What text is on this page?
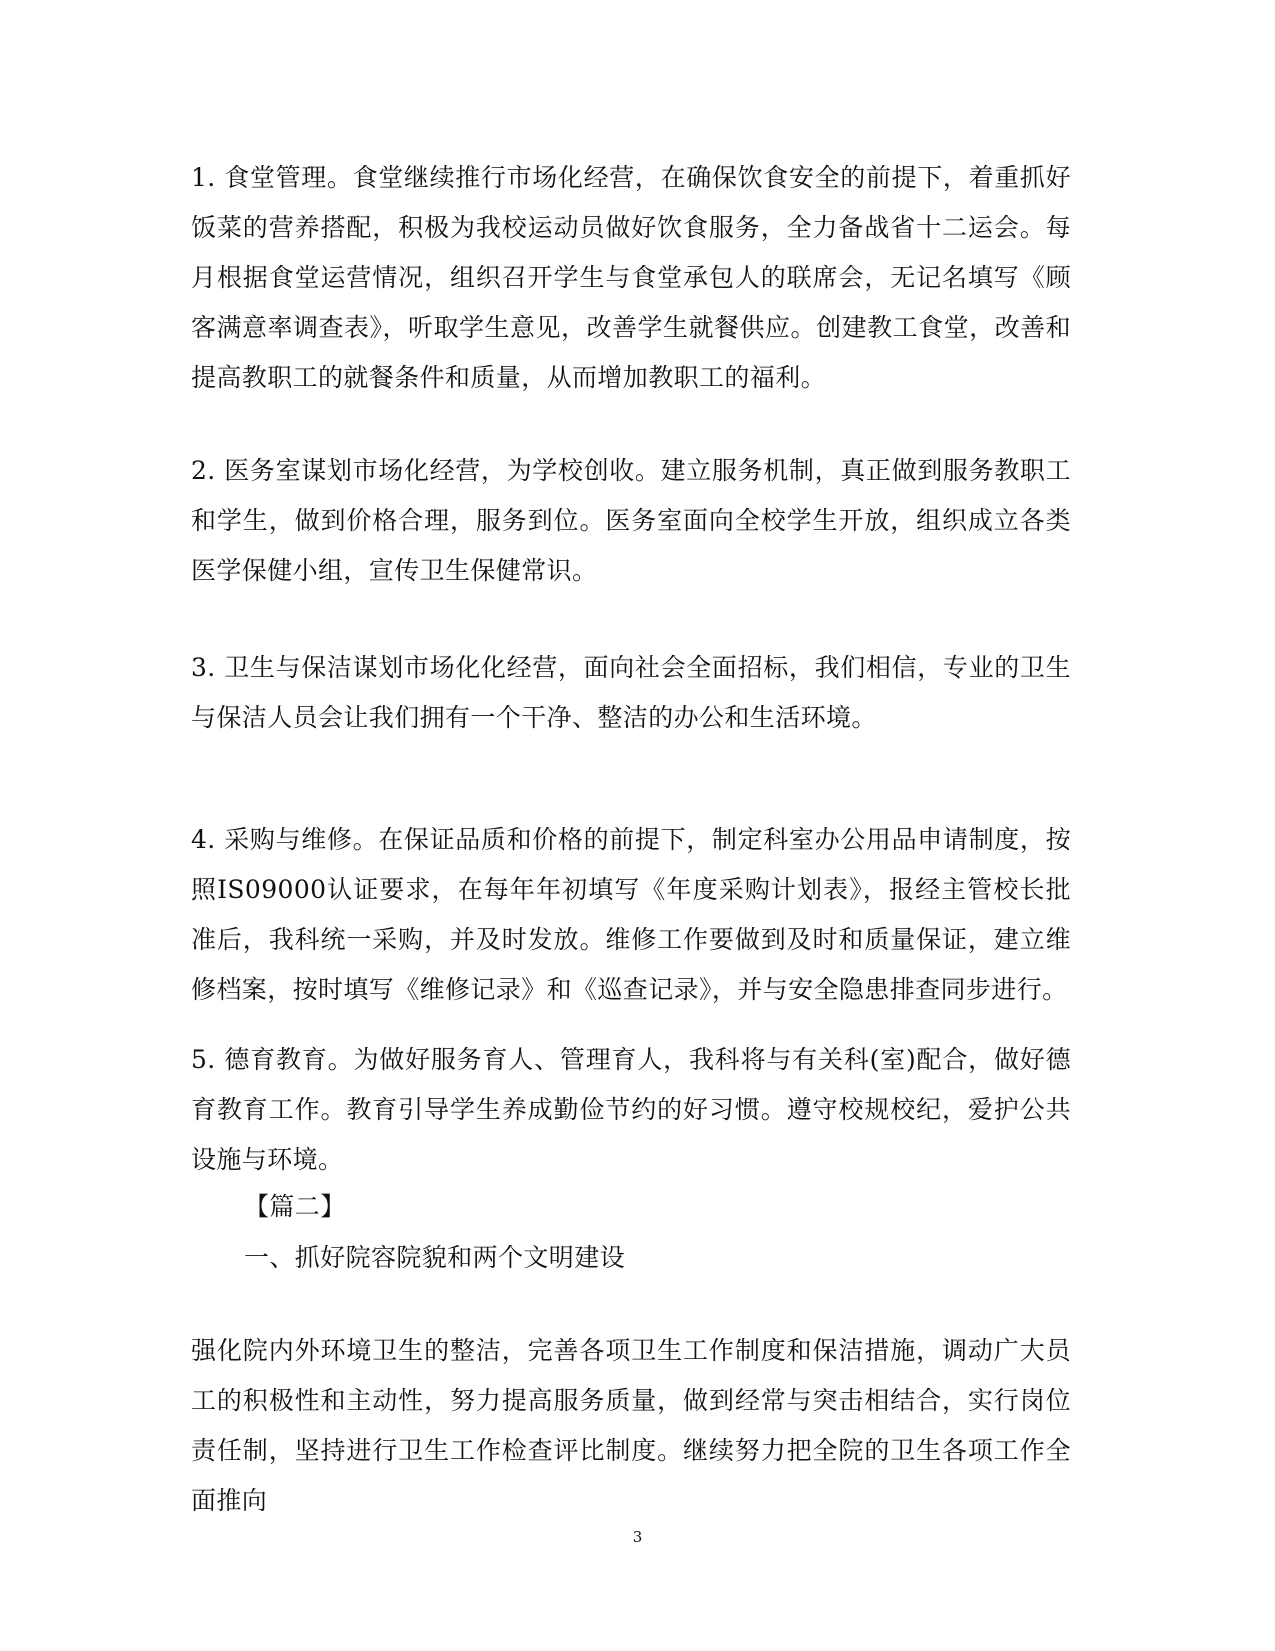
1. 食堂管理。食堂继续推行市场化经营，在确保饮食安全的前提下，着重抓好饭菜的营养搭配，积极为我校运动员做好饮食服务，全力备战省十二运会。每月根据食堂运营情况，组织召开学生与食堂承包人的联席会，无记名填写《顾客满意率调查表》，听取学生意见，改善学生就餐供应。创建教工食堂，改善和提高教职工的就餐条件和质量，从而增加教职工的福利。

2. 医务室谋划市场化经营，为学校创收。建立服务机制，真正做到服务教职工和学生，做到价格合理，服务到位。医务室面向全校学生开放，组织成立各类医学保健小组，宣传卫生保健常识。

3. 卫生与保洁谋划市场化化经营，面向社会全面招标，我们相信，专业的卫生与保洁人员会让我们拥有一个干净、整洁的办公和生活环境。

4. 采购与维修。在保证品质和价格的前提下，制定科室办公用品申请制度，按照IS09000认证要求，在每年年初填写《年度采购计划表》，报经主管校长批准后，我科统一采购，并及时发放。维修工作要做到及时和质量保证，建立维修档案，按时填写《维修记录》和《巡查记录》，并与安全隐患排查同步进行。

5. 德育教育。为做好服务育人、管理育人，我科将与有关科(室)配合，做好德育教育工作。教育引导学生养成勤俭节约的好习惯。遵守校规校纪，爱护公共设施与环境。

【篇二】

一、抓好院容院貌和两个文明建设

强化院内外环境卫生的整洁，完善各项卫生工作制度和保洁措施，调动广大员工的积极性和主动性，努力提高服务质量，做到经常与突击相结合，实行岗位责任制，坚持进行卫生工作检查评比制度。继续努力把全院的卫生各项工作全面推向

3
